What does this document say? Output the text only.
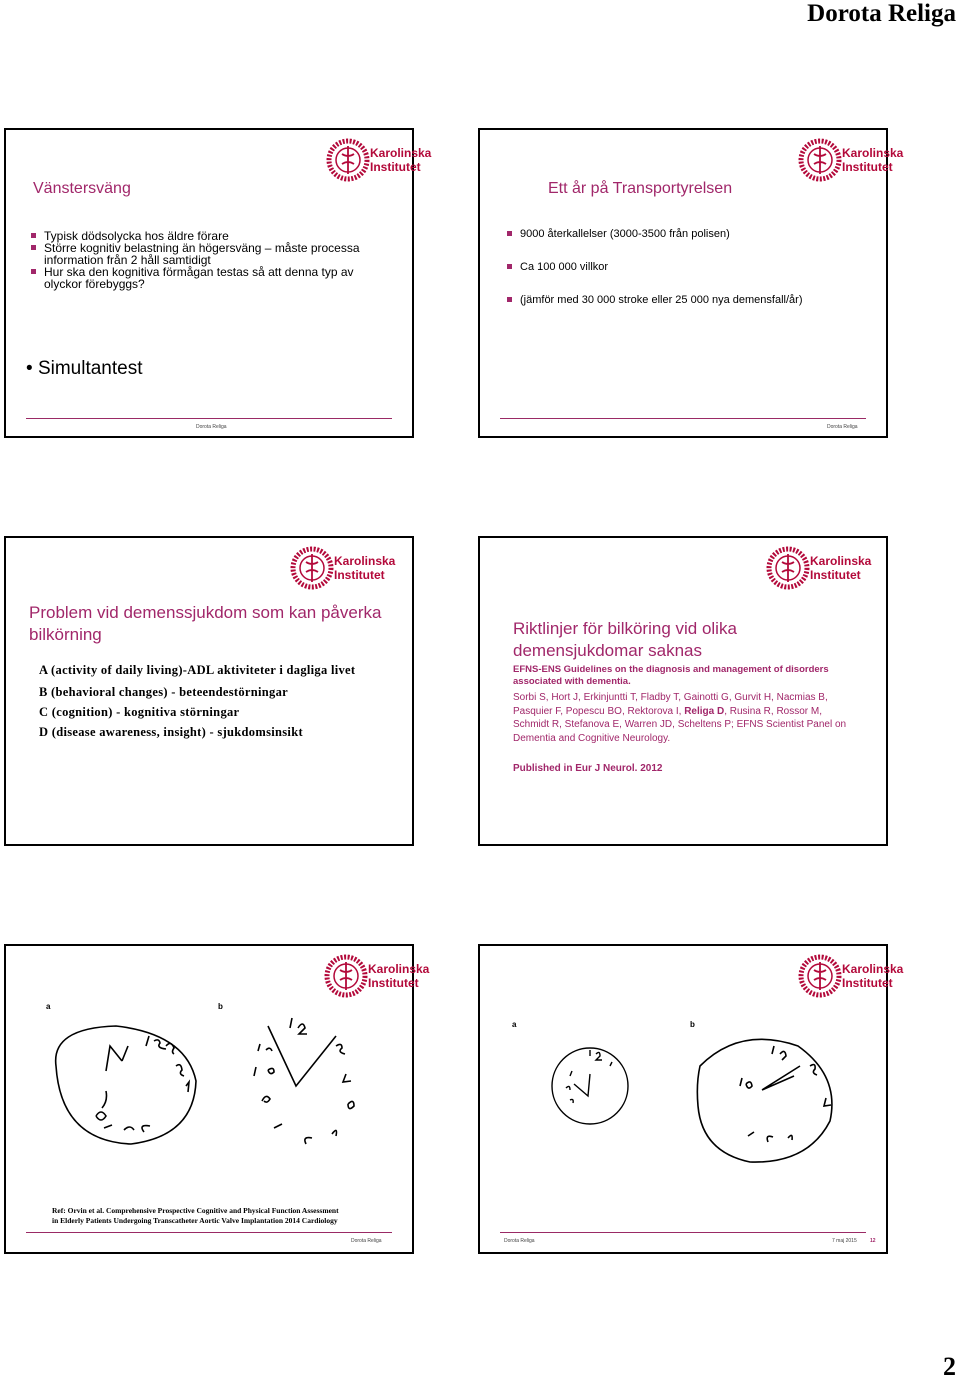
Dorota Religa
Karolinska
Institutet
Vänstersväng
Typisk dödsolycka hos äldre förare
Större kognitiv belastning än högersväng – måste processa information från 2 håll samtidigt
Hur ska den kognitiva förmågan testas så att denna typ av olyckor förebyggs?
• Simultantest
Dorota Religa
Karolinska
Institutet
Ett år på Transportyrelsen
9000 återkallelser (3000-3500 från polisen)
Ca 100 000 villkor
(jämför med 30 000 stroke eller 25 000 nya demensfall/år)
Dorota Religa
Karolinska
Institutet
Problem vid demenssjukdom som kan påverka bilkörning
A (activity of daily living)-ADL aktiviteter i dagliga livet
B (behavioral changes) - beteendestörningar
C (cognition) - kognitiva störningar
D (disease awareness, insight) - sjukdomsinsikt
Karolinska
Institutet
Riktlinjer för bilköring vid olika demensjukdomar saknas

EFNS-ENS Guidelines on the diagnosis and management of disorders associated with dementia.

Sorbi S, Hort J, Erkinjuntti T, Fladby T, Gainotti G, Gurvit H, Nacmias B, Pasquier F, Popescu BO, Rektorova I, Religa D, Rusina R, Rossor M, Schmidt R, Stefanova E, Warren JD, Scheltens P; EFNS Scientist Panel on Dementia and Cognitive Neurology.

Published in Eur J Neurol. 2012

Karolinska
Institutet
a	b
Ref: Orvin et al. Comprehensive Prospective Cognitive and Physical Function Assessment
in Elderly Patients Undergoing Transcatheter Aortic Valve Implantation 2014 Cardiology
Dorota Religa
Karolinska
Institutet
a	b
Dorota Religa	7 maj 2015	12
2
